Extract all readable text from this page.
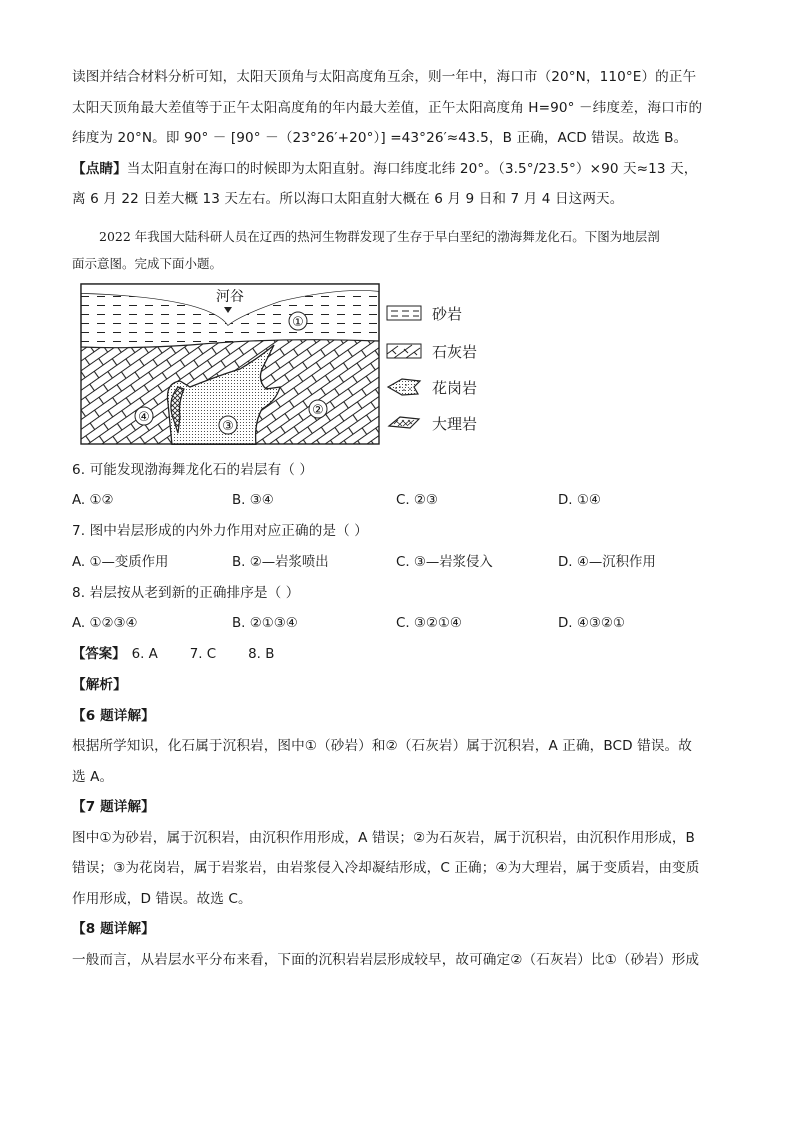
读图并结合材料分析可知，太阳天顶角与太阳高度角互余，则一年中，海口市（20°N，110°E）的正午
太阳天顶角最大差值等于正午太阳高度角的年内最大差值，正午太阳高度角 H=90° －纬度差，海口市的
纬度为 20°N。即 90° － [90° －（23°26′+20°）] =43°26′≈43.5，B 正确，ACD 错误。故选 B。
【点睛】当太阳直射在海口的时候即为太阳直射。海口纬度北纬 20°。（3.5°/23.5°）×90 天≈13 天，
离 6 月 22 日差大概 13 天左右。所以海口太阳直射大概在 6 月 9 日和 7 月 4 日这两天。
2022 年我国大陆科研人员在辽西的热河生物群发现了生存于早白垩纪的渤海舞龙化石。下图为地层剖
面示意图。完成下面小题。
河谷
①
②
③
④
砂岩
石灰岩
花岗岩
大理岩
6. 可能发现渤海舞龙化石的岩层有（ ）
A. ①②	B. ③④	C. ②③	D. ①④
7. 图中岩层形成的内外力作用对应正确的是（ ）
A. ①—变质作用	B. ②—岩浆喷出	C. ③—岩浆侵入	D. ④—沉积作用
8. 岩层按从老到新的正确排序是（ ）
A. ①②③④	B. ②①③④	C. ③②①④	D. ④③②①
【答案】 6. A 7. C 8. B
【解析】
【6 题详解】
根据所学知识，化石属于沉积岩，图中①（砂岩）和②（石灰岩）属于沉积岩，A 正确，BCD 错误。故
选 A。
【7 题详解】
图中①为砂岩，属于沉积岩，由沉积作用形成，A 错误；②为石灰岩，属于沉积岩，由沉积作用形成，B
错误；③为花岗岩，属于岩浆岩，由岩浆侵入冷却凝结形成，C 正确；④为大理岩，属于变质岩，由变质
作用形成，D 错误。故选 C。
【8 题详解】
一般而言，从岩层水平分布来看，下面的沉积岩岩层形成较早，故可确定②（石灰岩）比①（砂岩）形成
